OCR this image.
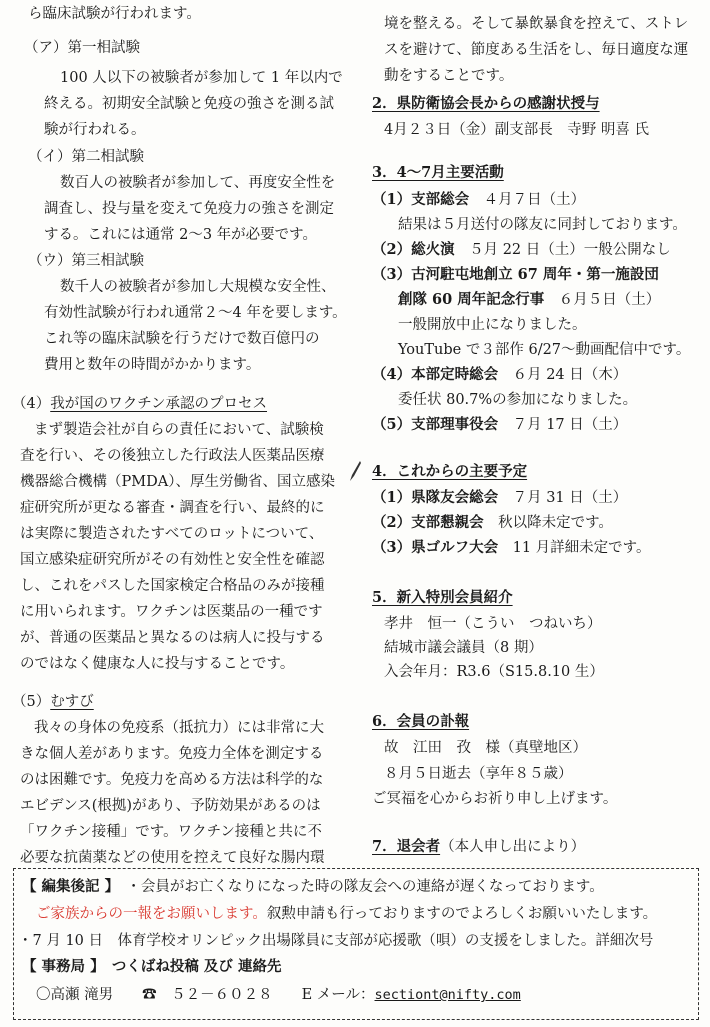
ら臨床試験が行われます。
（ア）第一相試験
100 人以下の被験者が参加して 1 年以内で
終える。初期安全試験と免疫の強さを測る試
験が行われる。
（イ）第二相試験
数百人の被験者が参加して、再度安全性を
調査し、投与量を変えて免疫力の強さを測定
する。これには通常 2～3 年が必要です。
（ウ）第三相試験
数千人の被験者が参加し大規模な安全性、
有効性試験が行われ通常２～4 年を要します。
これ等の臨床試験を行うだけで数百億円の
費用と数年の時間がかかります。
（4）我が国のワクチン承認のプロセス
まず製造会社が自らの責任において、試験検
査を行い、その後独立した行政法人医薬品医療
機器総合機構（PMDA）、厚生労働省、国立感染
症研究所が更なる審査・調査を行い、最終的に
は実際に製造されたすべてのロットについて、
国立感染症研究所がその有効性と安全性を確認
し、これをパスした国家検定合格品のみが接種
に用いられます。ワクチンは医薬品の一種です
が、普通の医薬品と異なるのは病人に投与する
のではなく健康な人に投与することです。
（5）むすび
我々の身体の免疫系（抵抗力）には非常に大
きな個人差があります。免疫力全体を測定する
のは困難です。免疫力を高める方法は科学的な
エビデンス(根拠)があり、予防効果があるのは
「ワクチン接種」です。ワクチン接種と共に不
必要な抗菌薬などの使用を控えて良好な腸内環
境を整える。そして暴飲暴食を控えて、ストレ
スを避けて、節度ある生活をし、毎日適度な運
動をすることです。
2．県防衛協会長からの感謝状授与
4月２３日（金）副支部長　寺野 明喜 氏
3．4～7月主要活動
（1）支部総会　 ４月７日（土）
結果は５月送付の隊友に同封しております。
（2）総火演　 ５月 22 日（土）一般公開なし
（3）古河駐屯地創立 67 周年・第一施設団
創隊 60 周年記念行事　 ６月５日（土）
一般開放中止になりました。
YouTube で３部作 6/27～動画配信中です。
（4）本部定時総会　 ６月 24 日（木）
委任状 80.7%の参加になりました。
（5）支部理事役会　 ７月 17 日（土）
4．これからの主要予定
（1）県隊友会総会　 ７月 31 日（土）
（2）支部懇親会　 秋以降未定です。
（3）県ゴルフ大会　 11 月詳細未定です。
5．新入特別会員紹介
孝井　恒一（こうい　つねいち）
結城市議会議員（8 期）
入会年月：R3.6（S15.8.10 生）
6．会員の訃報
故　江田　孜　様（真壁地区）
８月５日逝去（享年８５歳）
ご冥福を心からお祈り申し上げます。
7．退会者（本人申し出により）
【 編集後記 】　 ・会員がお亡くなりになった時の隊友会への連絡が遅くなっております。
ご家族からの一報をお願いします。叙勲申請も行っておりますのでよろしくお願いいたします。
・7 月 10 日　体育学校オリンピック出場隊員に支部が応援歌（唄）の支援をしました。詳細次号
【 事務局 】　 つくばね投稿 及び 連絡先
〇高瀬 滝男　　 ☎　 ５２－６０２８　　 E メール：sectiont@nifty.com
